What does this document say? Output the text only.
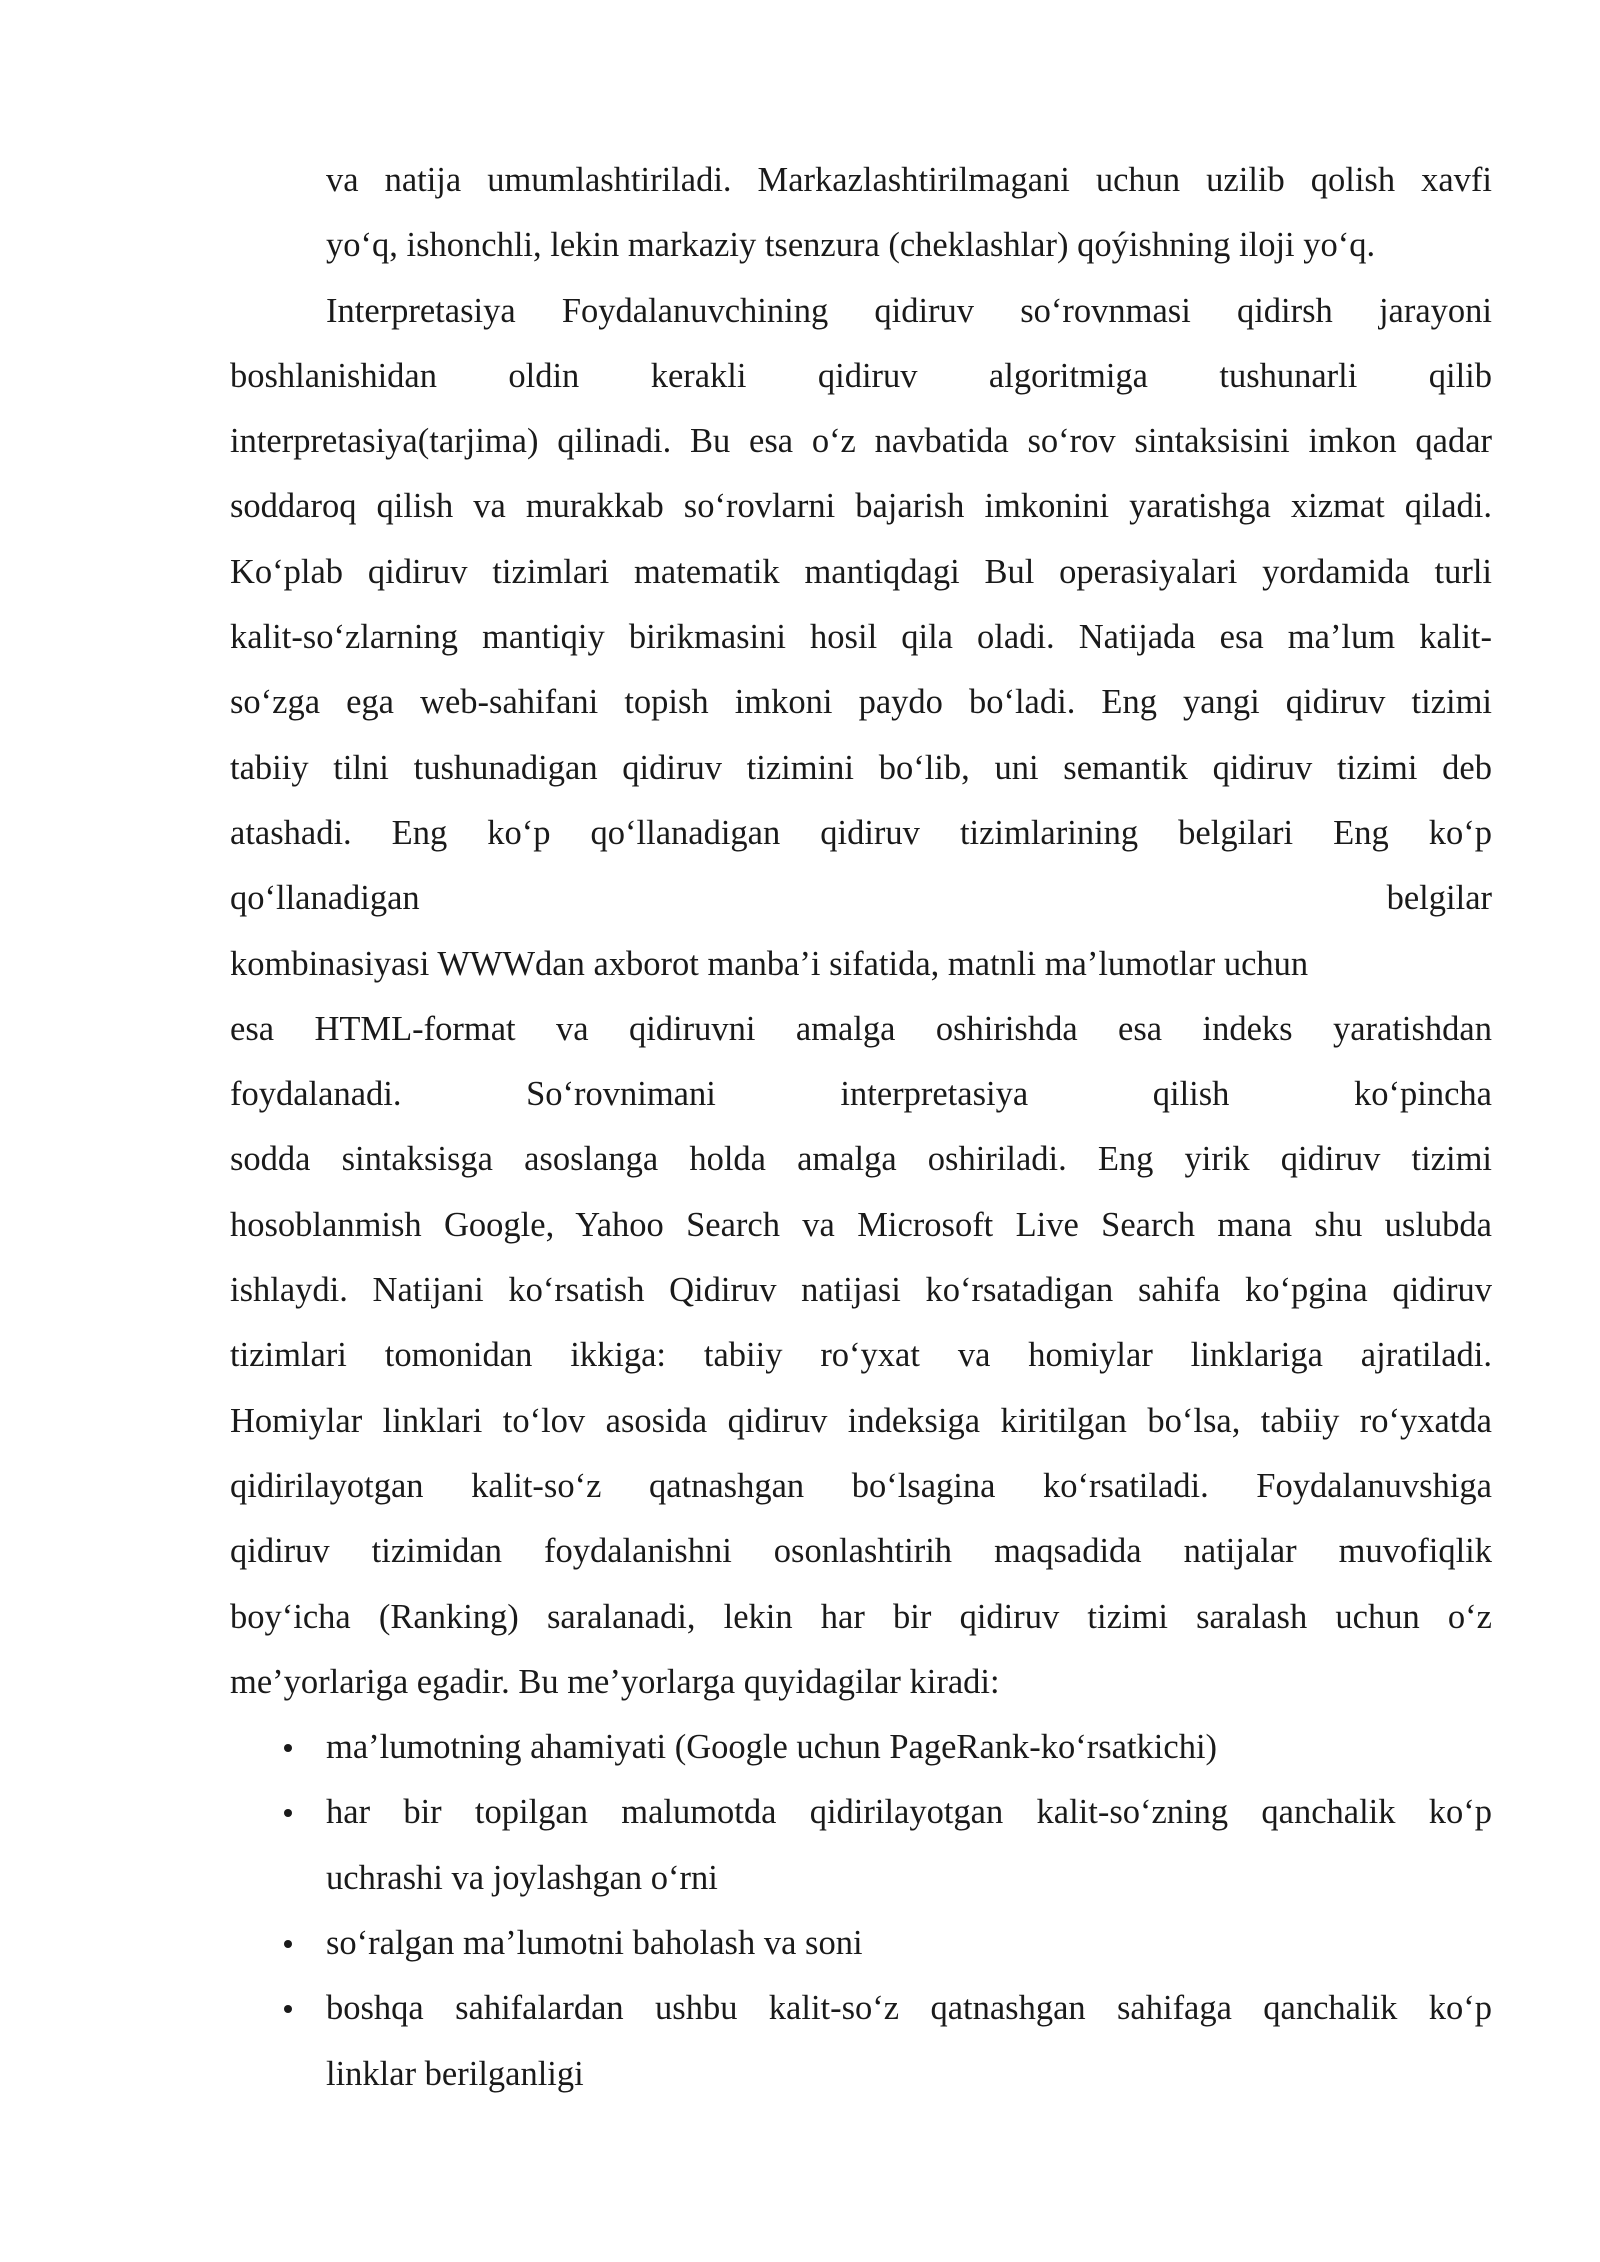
va natija umumlashtiriladi. Markazlashtirilmagani uchun uzilib qolish xavfi
yo‘q, ishonchli, lekin markaziy tsenzura (cheklashlar) qoýishning iloji yo‘q.
Interpretasiya Foydalanuvchining qidiruv so‘rovnmasi qidirsh jarayoni
boshlanishidan oldin kerakli qidiruv algoritmiga tushunarli qilib
interpretasiya(tarjima) qilinadi. Bu esa o‘z navbatida so‘rov sintaksisini imkon qadar
soddaroq qilish va murakkab so‘rovlarni bajarish imkonini yaratishga xizmat qiladi.
Ko‘plab qidiruv tizimlari matematik mantiqdagi Bul operasiyalari yordamida turli
kalit-so‘zlarning mantiqiy birikmasini hosil qila oladi. Natijada esa ma’lum kalit-
so‘zga ega web-sahifani topish imkoni paydo bo‘ladi. Eng yangi qidiruv tizimi
tabiiy tilni tushunadigan qidiruv tizimini bo‘lib, uni semantik qidiruv tizimi deb
atashadi. Eng ko‘p qo‘llanadigan qidiruv tizimlarining belgilari Eng ko‘p
qo‘llanadigan belgilar
kombinasiyasi WWWdan axborot manba’i sifatida, matnli ma’lumotlar uchun
esa HTML-format va qidiruvni amalga oshirishda esa indeks yaratishdan
foydalanadi. So‘rovnimani interpretasiya qilish ko‘pincha
sodda sintaksisga asoslanga holda amalga oshiriladi. Eng yirik qidiruv tizimi
hosoblanmish Google, Yahoo Search va Microsoft Live Search mana shu uslubda
ishlaydi. Natijani ko‘rsatish Qidiruv natijasi ko‘rsatadigan sahifa ko‘pgina qidiruv
tizimlari tomonidan ikkiga: tabiiy ro‘yxat va homiylar linklariga ajratiladi.
Homiylar linklari to‘lov asosida qidiruv indeksiga kiritilgan bo‘lsa, tabiiy ro‘yxatda
qidirilayotgan kalit-so‘z qatnashgan bo‘lsagina ko‘rsatiladi. Foydalanuvshiga
qidiruv tizimidan foydalanishni osonlashtirih maqsadida natijalar muvofiqlik
boy‘icha (Ranking) saralanadi, lekin har bir qidiruv tizimi saralash uchun o‘z
me’yorlariga egadir. Bu me’yorlarga quyidagilar kiradi:
ma’lumotning ahamiyati (Google uchun PageRank-ko‘rsatkichi)
har bir topilgan malumotda qidirilayotgan kalit-so‘zning qanchalik ko‘p
uchrashi va joylashgan o‘rni
so‘ralgan ma’lumotni baholash va soni
boshqa sahifalardan ushbu kalit-so‘z qatnashgan sahifaga qanchalik ko‘p
linklar berilganligi
